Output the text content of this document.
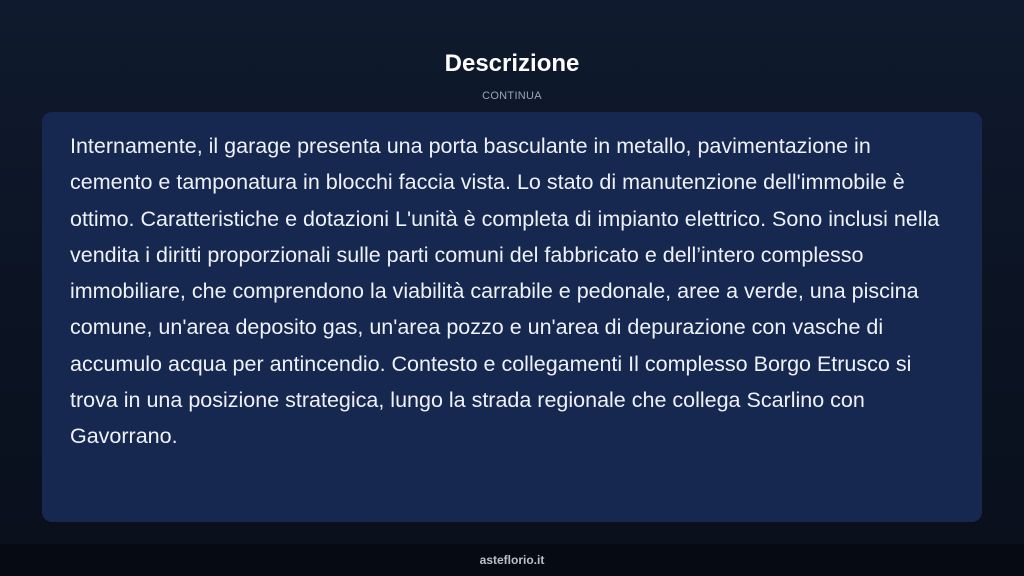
Descrizione
CONTINUA

Internamente, il garage presenta una porta basculante in metallo, pavimentazione in cemento e tamponatura in blocchi faccia vista. Lo stato di manutenzione dell'immobile è ottimo. Caratteristiche e dotazioni L'unità è completa di impianto elettrico. Sono inclusi nella vendita i diritti proporzionali sulle parti comuni del fabbricato e dell’intero complesso immobiliare, che comprendono la viabilità carrabile e pedonale, aree a verde, una piscina comune, un'area deposito gas, un'area pozzo e un'area di depurazione con vasche di accumulo acqua per antincendio. Contesto e collegamenti Il complesso Borgo Etrusco si trova in una posizione strategica, lungo la strada regionale che collega Scarlino con Gavorrano.

asteflorio.it
